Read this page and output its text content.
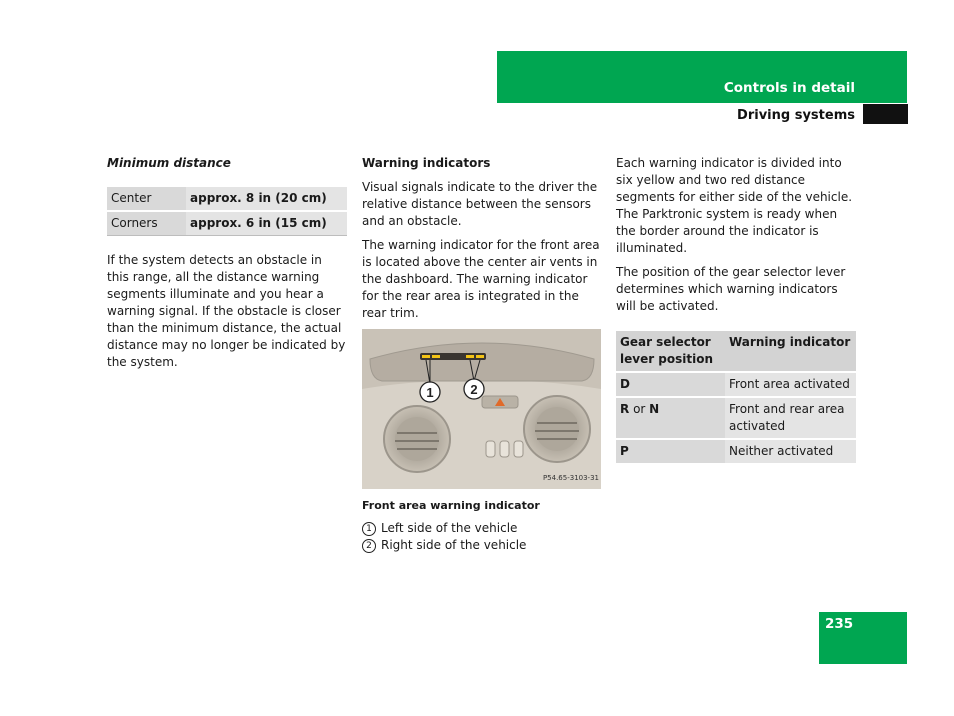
Controls in detail
Driving systems

Minimum distance

Center	approx. 8 in (20 cm)
Corners	approx. 6 in (15 cm)

If the system detects an obstacle in this range, all the distance warning segments illuminate and you hear a warning signal. If the obstacle is closer than the minimum distance, the actual distance may no longer be indicated by the system.

Warning indicators

Visual signals indicate to the driver the relative distance between the sensors and an obstacle.

The warning indicator for the front area is located above the center air vents in the dashboard. The warning indicator for the rear area is integrated in the rear trim.

1	2
P54.65-3103-31

Front area warning indicator

1 Left side of the vehicle
2 Right side of the vehicle

Each warning indicator is divided into six yellow and two red distance segments for either side of the vehicle. The Parktronic system is ready when the border around the indicator is illuminated.

The position of the gear selector lever determines which warning indicators will be activated.

Gear selector lever position	Warning indicator
D	Front area activated
R or N	Front and rear area activated
P	Neither activated
235
